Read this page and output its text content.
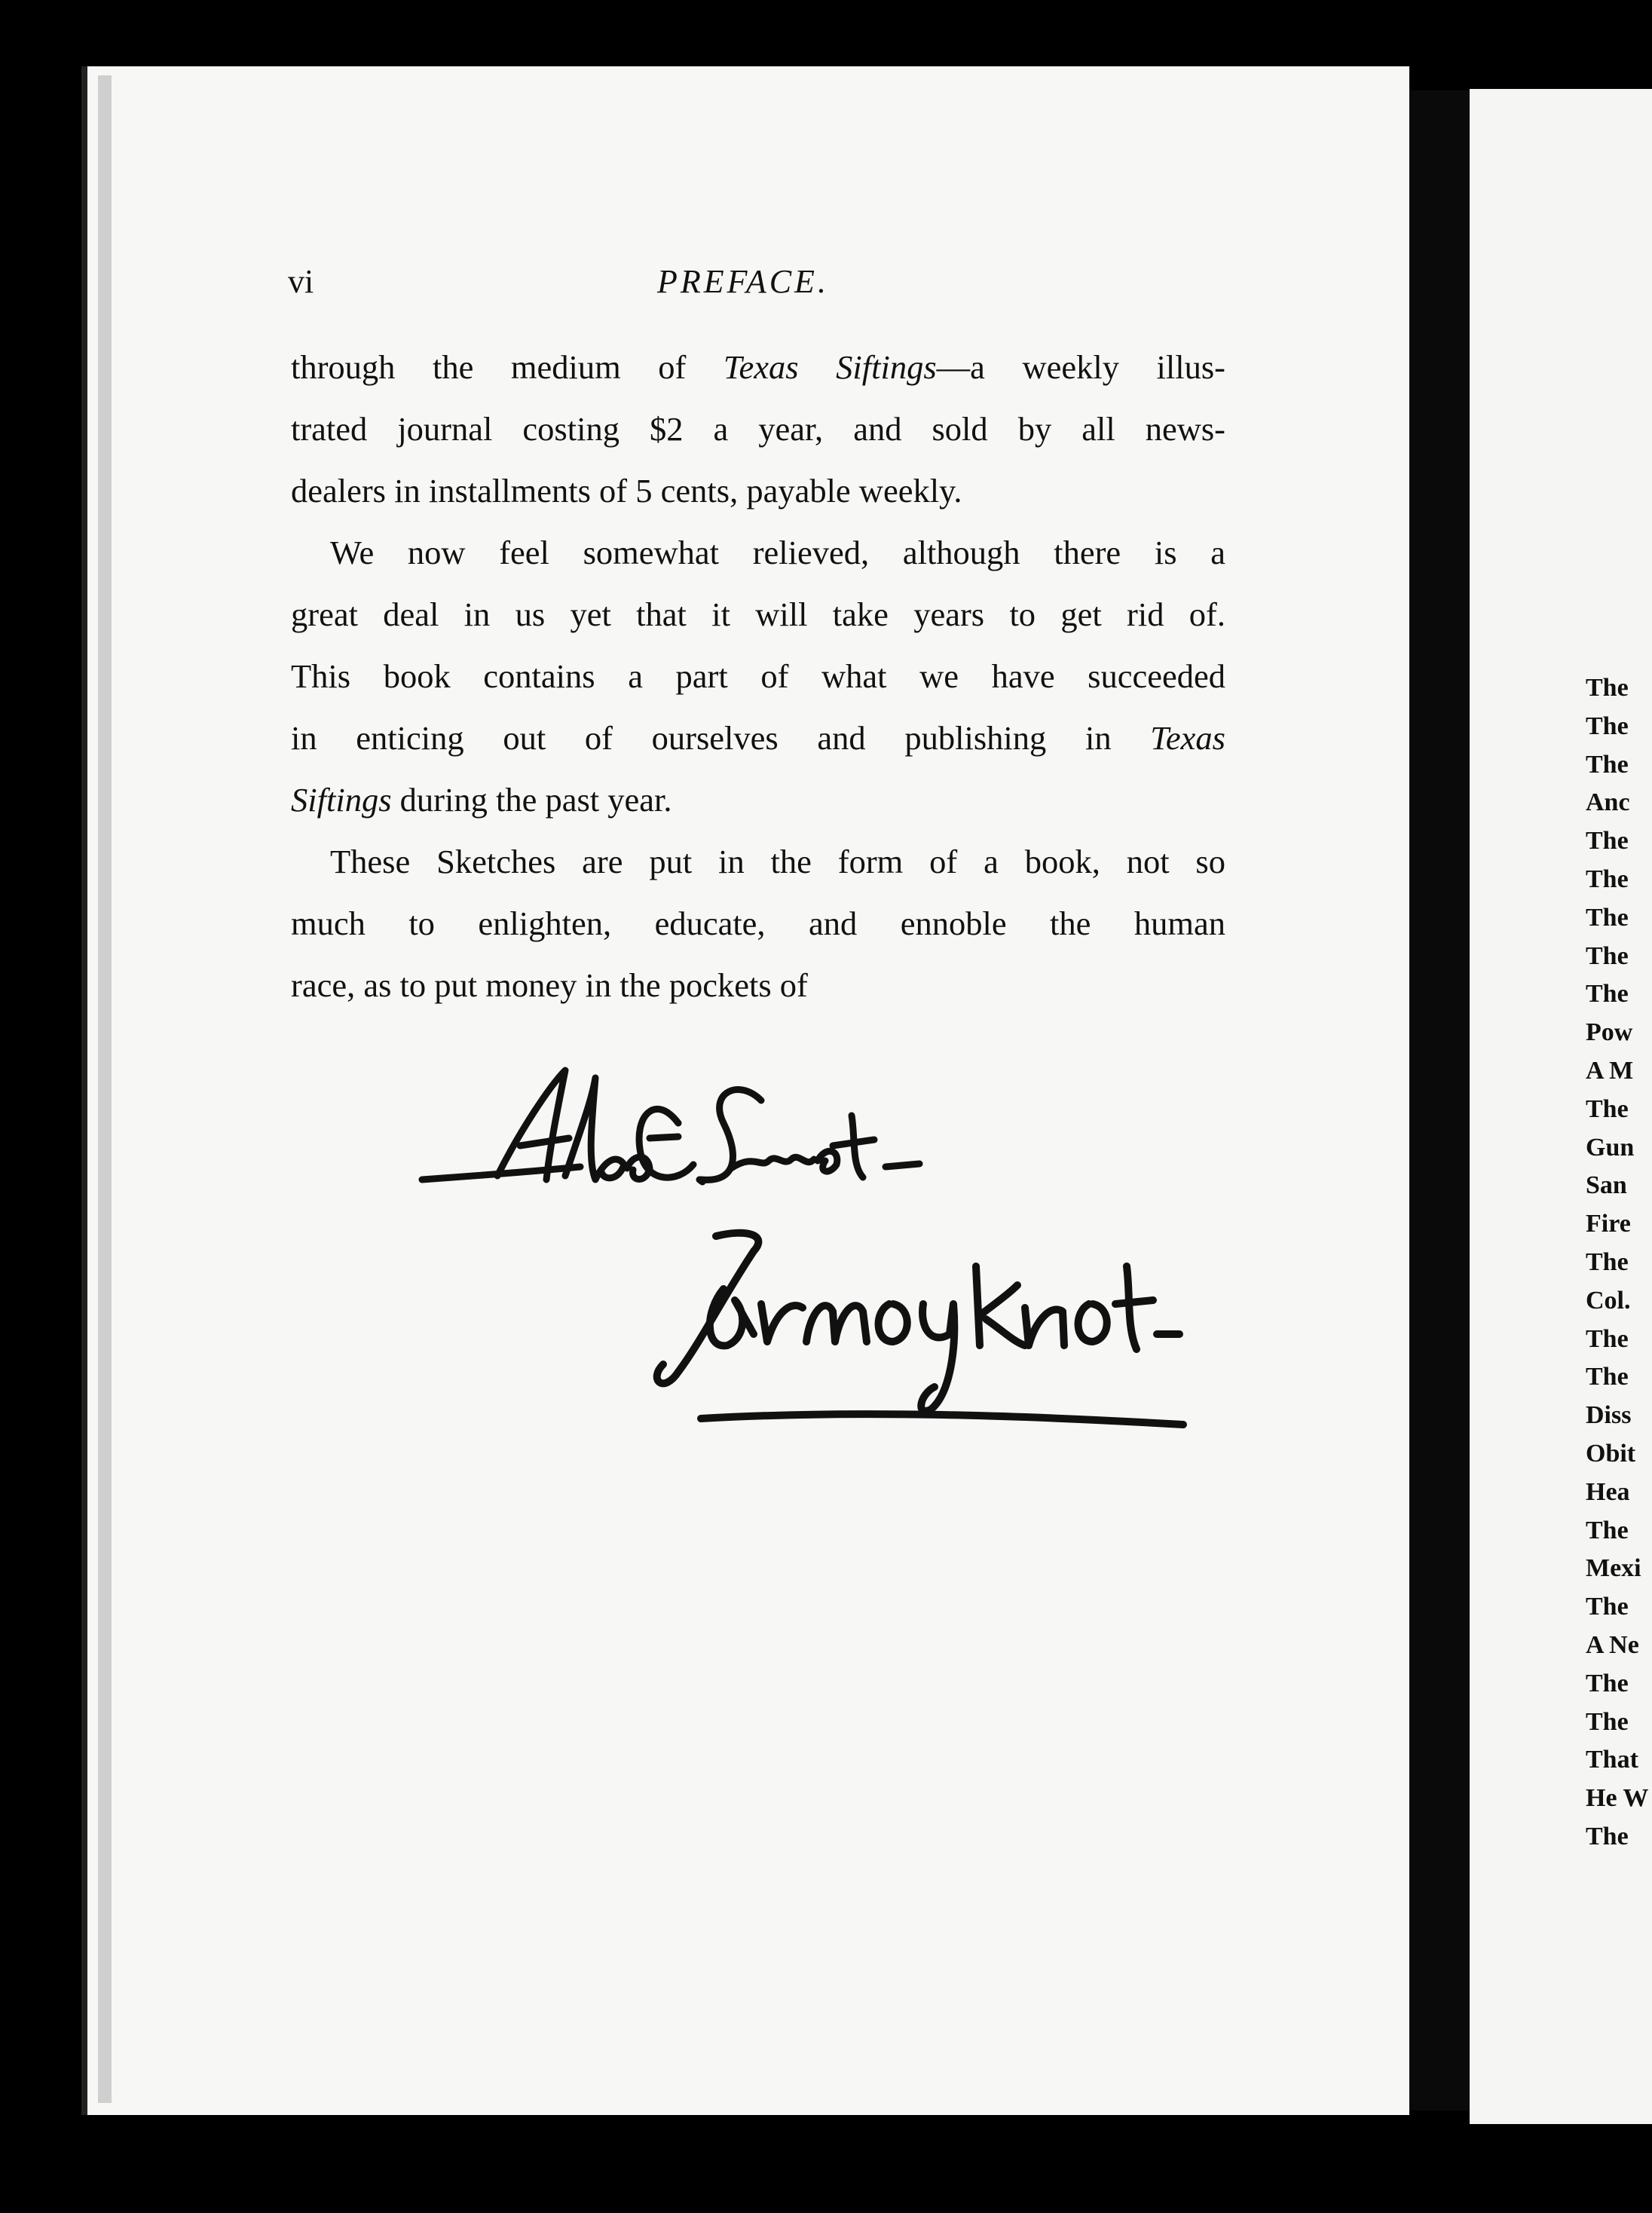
vi	PREFACE.
through the medium of Texas Siftings—a weekly illus-
trated journal costing $2 a year, and sold by all news-
dealers in installments of 5 cents, payable weekly.
We now feel somewhat relieved, although there is a
great deal in us yet that it will take years to get rid of.
This book contains a part of what we have succeeded
in enticing out of ourselves and publishing in Texas
Siftings during the past year.
These Sketches are put in the form of a book, not so
much to enlighten, educate, and ennoble the human
race, as to put money in the pockets of
The
The
The
Anc
The
The
The
The
The
Pow
A M
The
Gun
San
Fire
The
Col.
The
The
Diss
Obit
Hea
The
Mexi
The
A Ne
The
The
That
He W
The
